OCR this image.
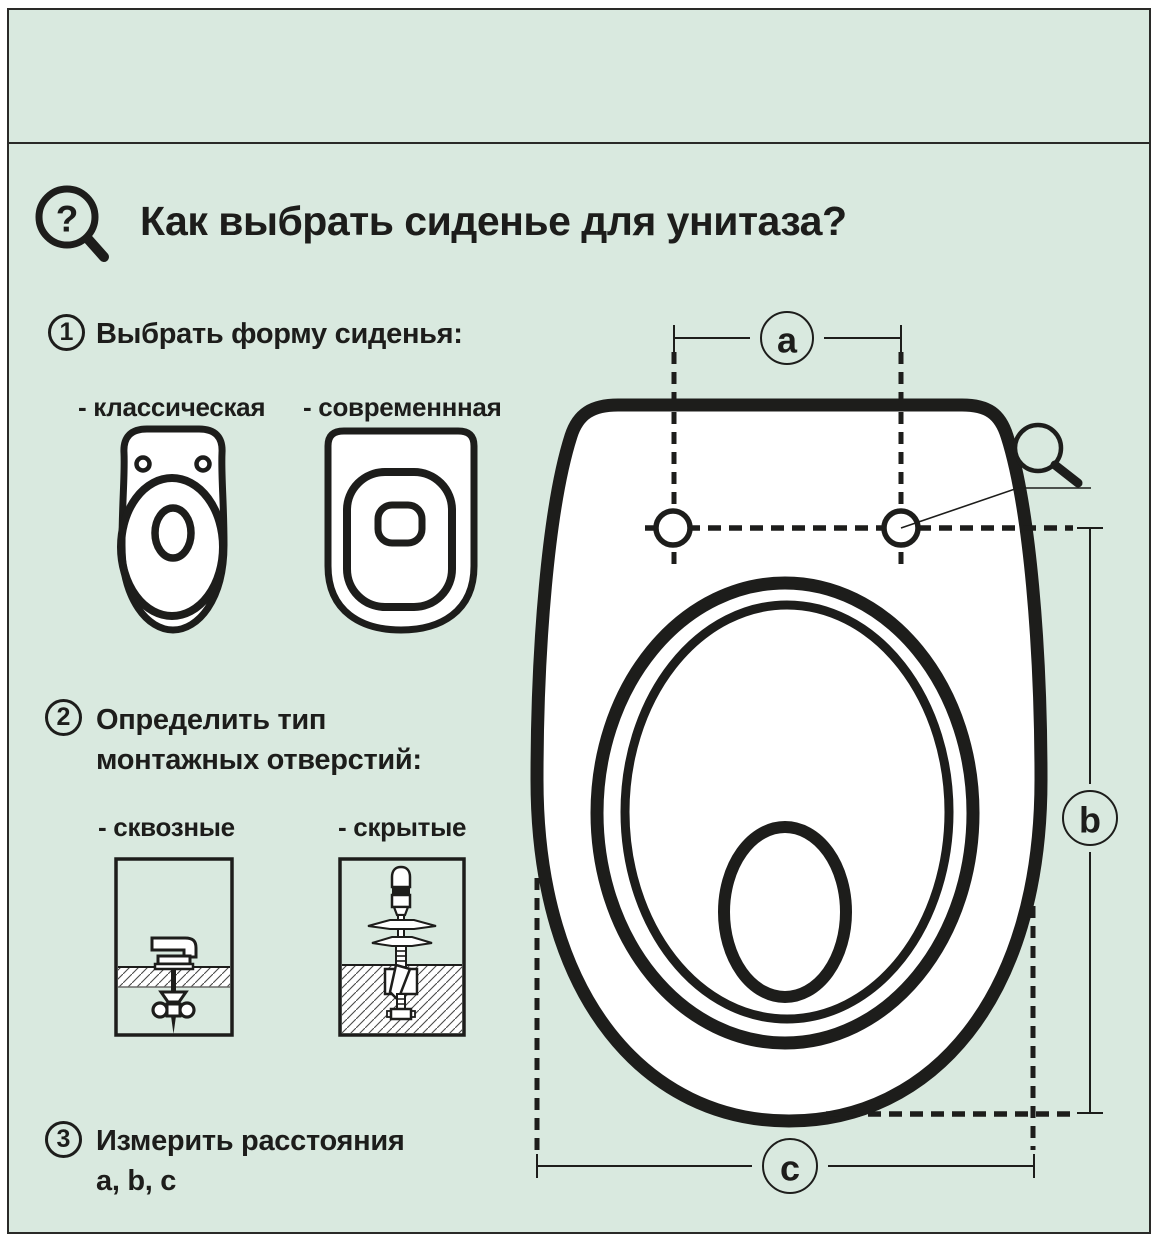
? Как выбрать сиденье для унитаза?
1 Выбрать форму сиденья:
- классическая - современнная
2 Определить тип
монтажных отверстий:
- сквозные	- скрытые
3 Измерить расстояния
a, b, c
a
b
c
